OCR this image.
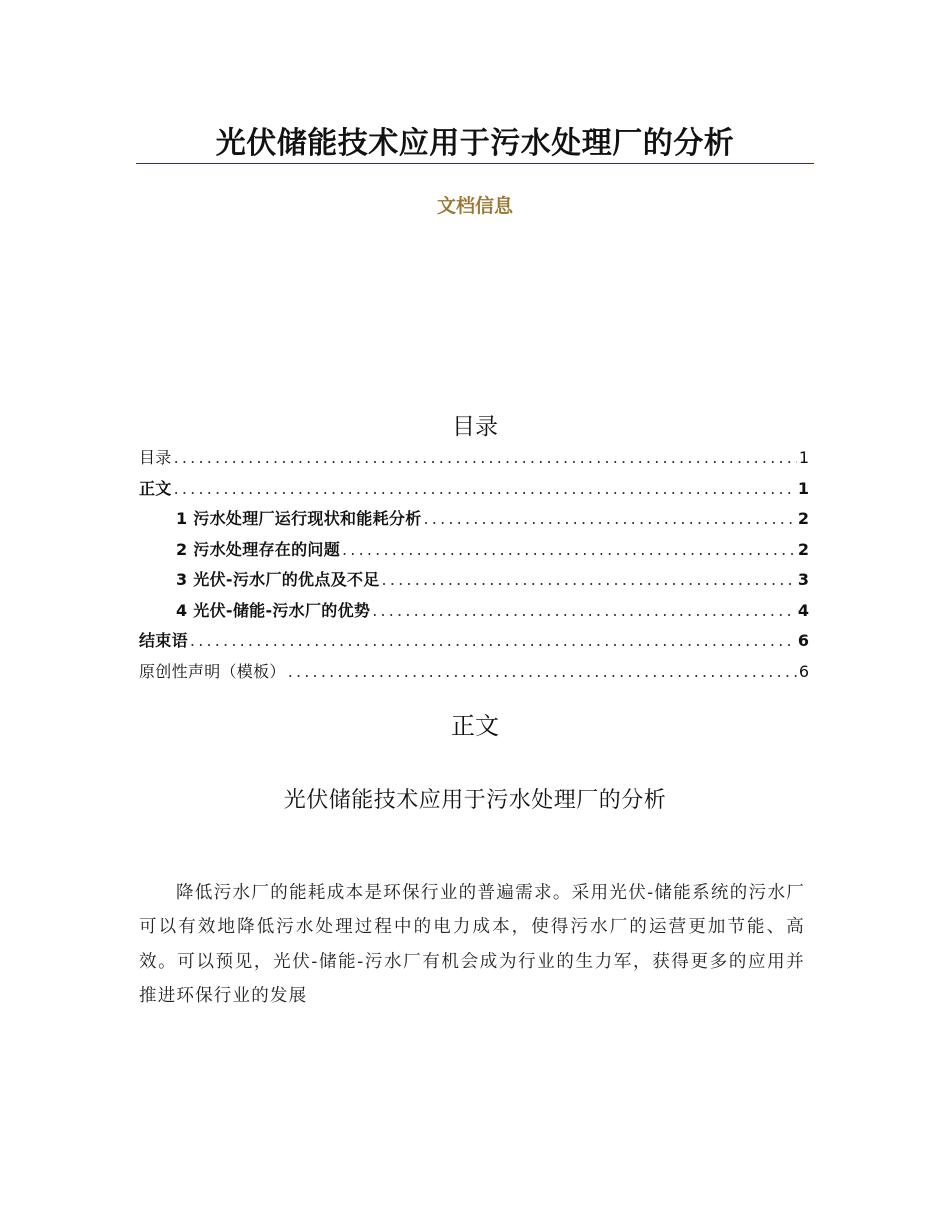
光伏储能技术应用于污水处理厂的分析
文档信息
目录
目录 .....	1
正文 .....	1
1 污水处理厂运行现状和能耗分析 .....	2
2 污水处理存在的问题 .....	2
3 光伏-污水厂的优点及不足 .....	3
4 光伏-储能-污水厂的优势 .....	4
结束语 .....	6
原创性声明（模板） .....	6
正文
光伏储能技术应用于污水处理厂的分析

降低污水厂的能耗成本是环保行业的普遍需求。采用光伏-储能系统的污水厂可以有效地降低污水处理过程中的电力成本，使得污水厂的运营更加节能、高效。可以预见，光伏-储能-污水厂有机会成为行业的生力军，获得更多的应用并推进环保行业的发展
